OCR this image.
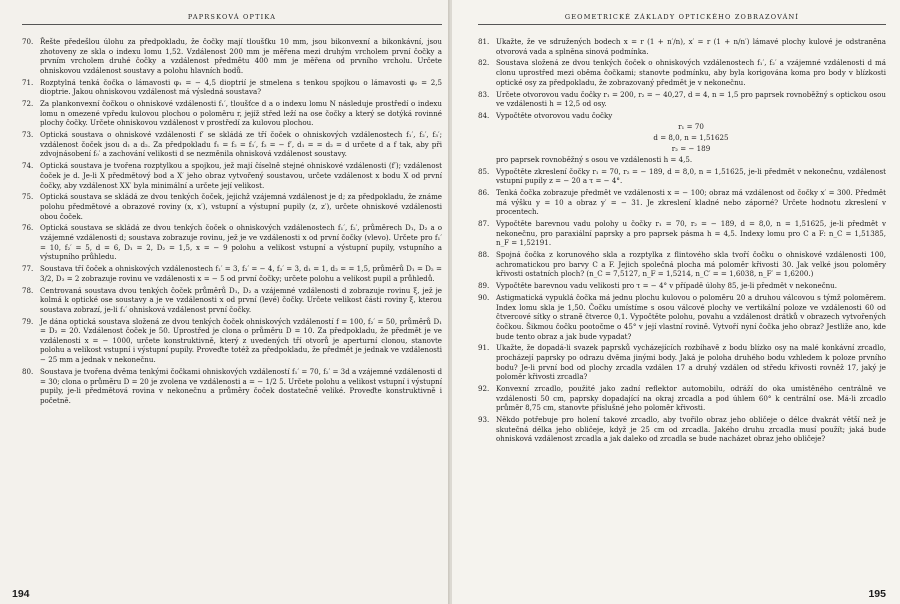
PAPRSKOVÁ OPTIKA
70. Řešte předešlou úlohu za předpokladu, že čočky mají tloušťku 10 mm, jsou bikonvexní a bikonkávní, jsou zhotoveny ze skla o indexu lomu 1,52. Vzdálenost 200 mm je měřena mezi druhým vrcholem první čočky a prvním vrcholem druhé čočky a vzdálenost předmětu 400 mm je měřena od prvního vrcholu. Určete ohniskovou vzdálenost soustavy a polohu hlavních bodů.
71. Rozptylná tenká čočka o lámavosti φ₁ = − 4,5 dioptrií je stmelena s tenkou spojkou o lámavosti φ₂ = 2,5 dioptrie. Jakou ohniskovou vzdálenost má výsledná soustava?
72. Za plankonvexní čočkou o ohniskové vzdálenosti f₁′, tloušťce d a o indexu lomu N následuje prostředí o indexu lomu n omezené vpředu kulovou plochou o poloměru r, jejíž střed leží na ose čočky a který se dotýká rovinné plochy čočky. Určete ohniskovou vzdálenost v prostředí za kulovou plochou.
73. Optická soustava o ohniskové vzdálenosti f′ se skládá ze tří čoček o ohniskových vzdálenostech f₁′, f₂′, f₃′; vzdálenost čoček jsou d₁ a d₂. Za předpokladu f₁ = f₂ = f₃′, f₃ = − f′, d₁ = = d₂ = d určete d a f tak, aby při zdvojnásobení f₀′ a zachování velikosti d se nezměnila ohnisková vzdálenost soustavy.
74. Optická soustava je tvořena rozptylkou a spojkou, jež mají číselně stejné ohniskové vzdálenosti (f′); vzdálenost čoček je d. Je-li X předmětový bod a X′ jeho obraz vytvořený soustavou, určete vzdálenost x bodu X od první čočky, aby vzdálenost XX′ byla minimální a určete její velikost.
75. Optická soustava se skládá ze dvou tenkých čoček, jejichž vzájemná vzdálenost je d; za předpokladu, že známe polohu předmětové a obrazové roviny (x, x′), vstupní a výstupní pupily (z, z′), určete ohniskové vzdálenosti obou čoček.
76. Optická soustava se skládá ze dvou tenkých čoček o ohniskových vzdálenostech f₁′, f₂′, průměrech D₁, D₂ a o vzájemné vzdálenosti d; soustava zobrazuje rovinu, jež je ve vzdálenosti x od první čočky (vlevo). Určete pro f₁′ = 10, f₂′ = 5, d = 6, D₁ = 2, D₂ = 1,5, x = − 9 polohu a velikost vstupní a výstupní pupily, vstupního a výstupního průhledu.
77. Soustava tří čoček a ohniskových vzdálenostech f₁′ = 3, f₂′ = − 4, f₃′ = 3, d₁ = 1, d₂ = = 1,5, průměrů D₁ = D₂ = 3/2, D₃ = 2 zobrazuje rovinu ve vzdálenosti x = − 5 od první čočky; určete polohu a velikost pupil a průhledů.
78. Centrovaná soustava dvou tenkých čoček průměrů D₁, D₂ a vzájemné vzdálenosti d zobrazuje rovinu ξ, jež je kolmá k optické ose soustavy a je ve vzdálenosti x od první (levé) čočky. Určete velikost části roviny ξ, kterou soustava zobrazí, je-li f₁′ ohnisková vzdálenost první čočky.
79. Je dána optická soustava složená ze dvou tenkých čoček ohniskových vzdáleností f = 100, f₂′ = 50, průměrů D₁ = D₂ = 20. Vzdálenost čoček je 50. Uprostřed je clona o průměru D = 10. Za předpokladu, že předmět je ve vzdálenosti x = − 1000, určete konstruktivně, který z uvedených tří otvorů je aperturní clonou, stanovte polohu a velikost vstupní i výstupní pupily. Proveďte totéž za předpokladu, že předmět je jednak ve vzdálenosti − 25 mm a jednak v nekonečnu.
80. Soustava je tvořena dvěma tenkými čočkami ohniskových vzdáleností f₁′ = 70, f₂′ = 3d a vzájemné vzdálenosti d = 30; clona o průměru D = 20 je zvolena ve vzdálenosti a = − 1/2 5. Určete polohu a velikost vstupní i výstupní pupily, je-li předmětová rovina v nekonečnu a průměry čoček dostatečně veliké. Proveďte konstruktivně i početně.
194
GEOMETRICKÉ ZÁKLADY OPTICKÉHO ZOBRAZOVÁNÍ
81. Ukažte, že ve sdružených bodech x = r (1 + n′/n), x′ = r (1 + n/n′) lámavé plochy kulové je odstraněna otvorová vada a splněna sinová podmínka.
82. Soustava složená ze dvou tenkých čoček o ohniskových vzdálenostech f₁′, f₂′ a vzájemné vzdálenosti d má clonu uprostřed mezi oběma čočkami; stanovte podmínku, aby byla korigována koma pro body v blízkosti optické osy za předpokladu, že zobrazovaný předmět je v nekonečnu.
83. Určete otvorovou vadu čočky r₁ = 200, r₂ = − 40,27, d = 4, n = 1,5 pro paprsek rovnoběžný s optickou osou ve vzdálenosti h = 12,5 od osy.
84. Vypočtěte otvorovou vadu čočky
r₁ = 70
d = 8,0, n = 1,51625
r₂ = − 189
pro paprsek rovnoběžný s osou ve vzdálenosti h = 4,5.
85. Vypočtěte zkreslení čočky r₁ = 70, r₂ = − 189, d = 8,0, n = 1,51625, je-li předmět v nekonečnu, vzdálenost vstupní pupily z = − 20 a τ = − 4°.
86. Tenká čočka zobrazuje předmět ve vzdálenosti x = − 100; obraz má vzdálenost od čočky x′ = 300. Předmět má výšku y = 10 a obraz y′ = − 31. Je zkreslení kladné nebo záporné? Určete hodnotu zkreslení v procentech.
87. Vypočtěte barevnou vadu polohy u čočky r₁ = 70, r₂ = − 189, d = 8,0, n = 1,51625, je-li předmět v nekonečnu, pro paraxiální paprsky a pro paprsek pásma h = 4,5. Indexy lomu pro C a F: n_C = 1,51385, n_F = 1,52191.
88. Spojná čočka z korunového skla a rozptylka z flintového skla tvoří čočku o ohniskové vzdálenosti 100, achromatickou pro barvy C a F. Jejich společná plocha má poloměr křivosti 30. Jak velké jsou poloměry křivosti ostatních ploch? (n_C = 7,5127, n_F = 1,5214, n_C′ = = 1,6038, n_F′ = 1,6200.)
89. Vypočtěte barevnou vadu velikosti pro τ = − 4° v případě úlohy 85, je-li předmět v nekonečnu.
90. Astigmatická vypuklá čočka má jednu plochu kulovou o poloměru 20 a druhou válcovou s týmž poloměrem. Index lomu skla je 1,50. Čočku umístíme s osou válcové plochy ve vertikální poloze ve vzdálenosti 60 od čtvercové sítky o straně čtverce 0,1. Vypočtěte polohu, povahu a vzdálenost drátků v obrazech vytvořených čočkou. Šikmou čočku pootočme o 45° v její vlastní rovině. Vytvoří nyní čočka jeho obraz? Jestliže ano, kde bude tento obraz a jak bude vypadat?
91. Ukažte, že dopadá-li svazek paprsků vycházejících rozbíhavě z bodu blízko osy na malé konkávní zrcadlo, procházejí paprsky po odrazu dvěma jinými body. Jaká je poloha druhého bodu vzhledem k poloze prvního bodu? Je-li první bod od plochy zrcadla vzdálen 17 a druhý vzdálen od středu křivosti rovněž 17, jaký je poloměr křivosti zrcadla?
92. Konvexní zrcadlo, použité jako zadní reflektor automobilu, odráží do oka umístěného centrálně ve vzdálenosti 50 cm, paprsky dopadající na okraj zrcadla a pod úhlem 60° k centrální ose. Má-li zrcadlo průměr 8,75 cm, stanovte příslušné jeho poloměr křivosti.
93. Někdo potřebuje pro holení takové zrcadlo, aby tvořilo obraz jeho obličeje o délce dvakrát větší než je skutečná délka jeho obličeje, když je 25 cm od zrcadla. Jakého druhu zrcadla musí použít; jaká bude ohnisková vzdálenost zrcadla a jak daleko od zrcadla se bude nacházet obraz jeho obličeje?
195
